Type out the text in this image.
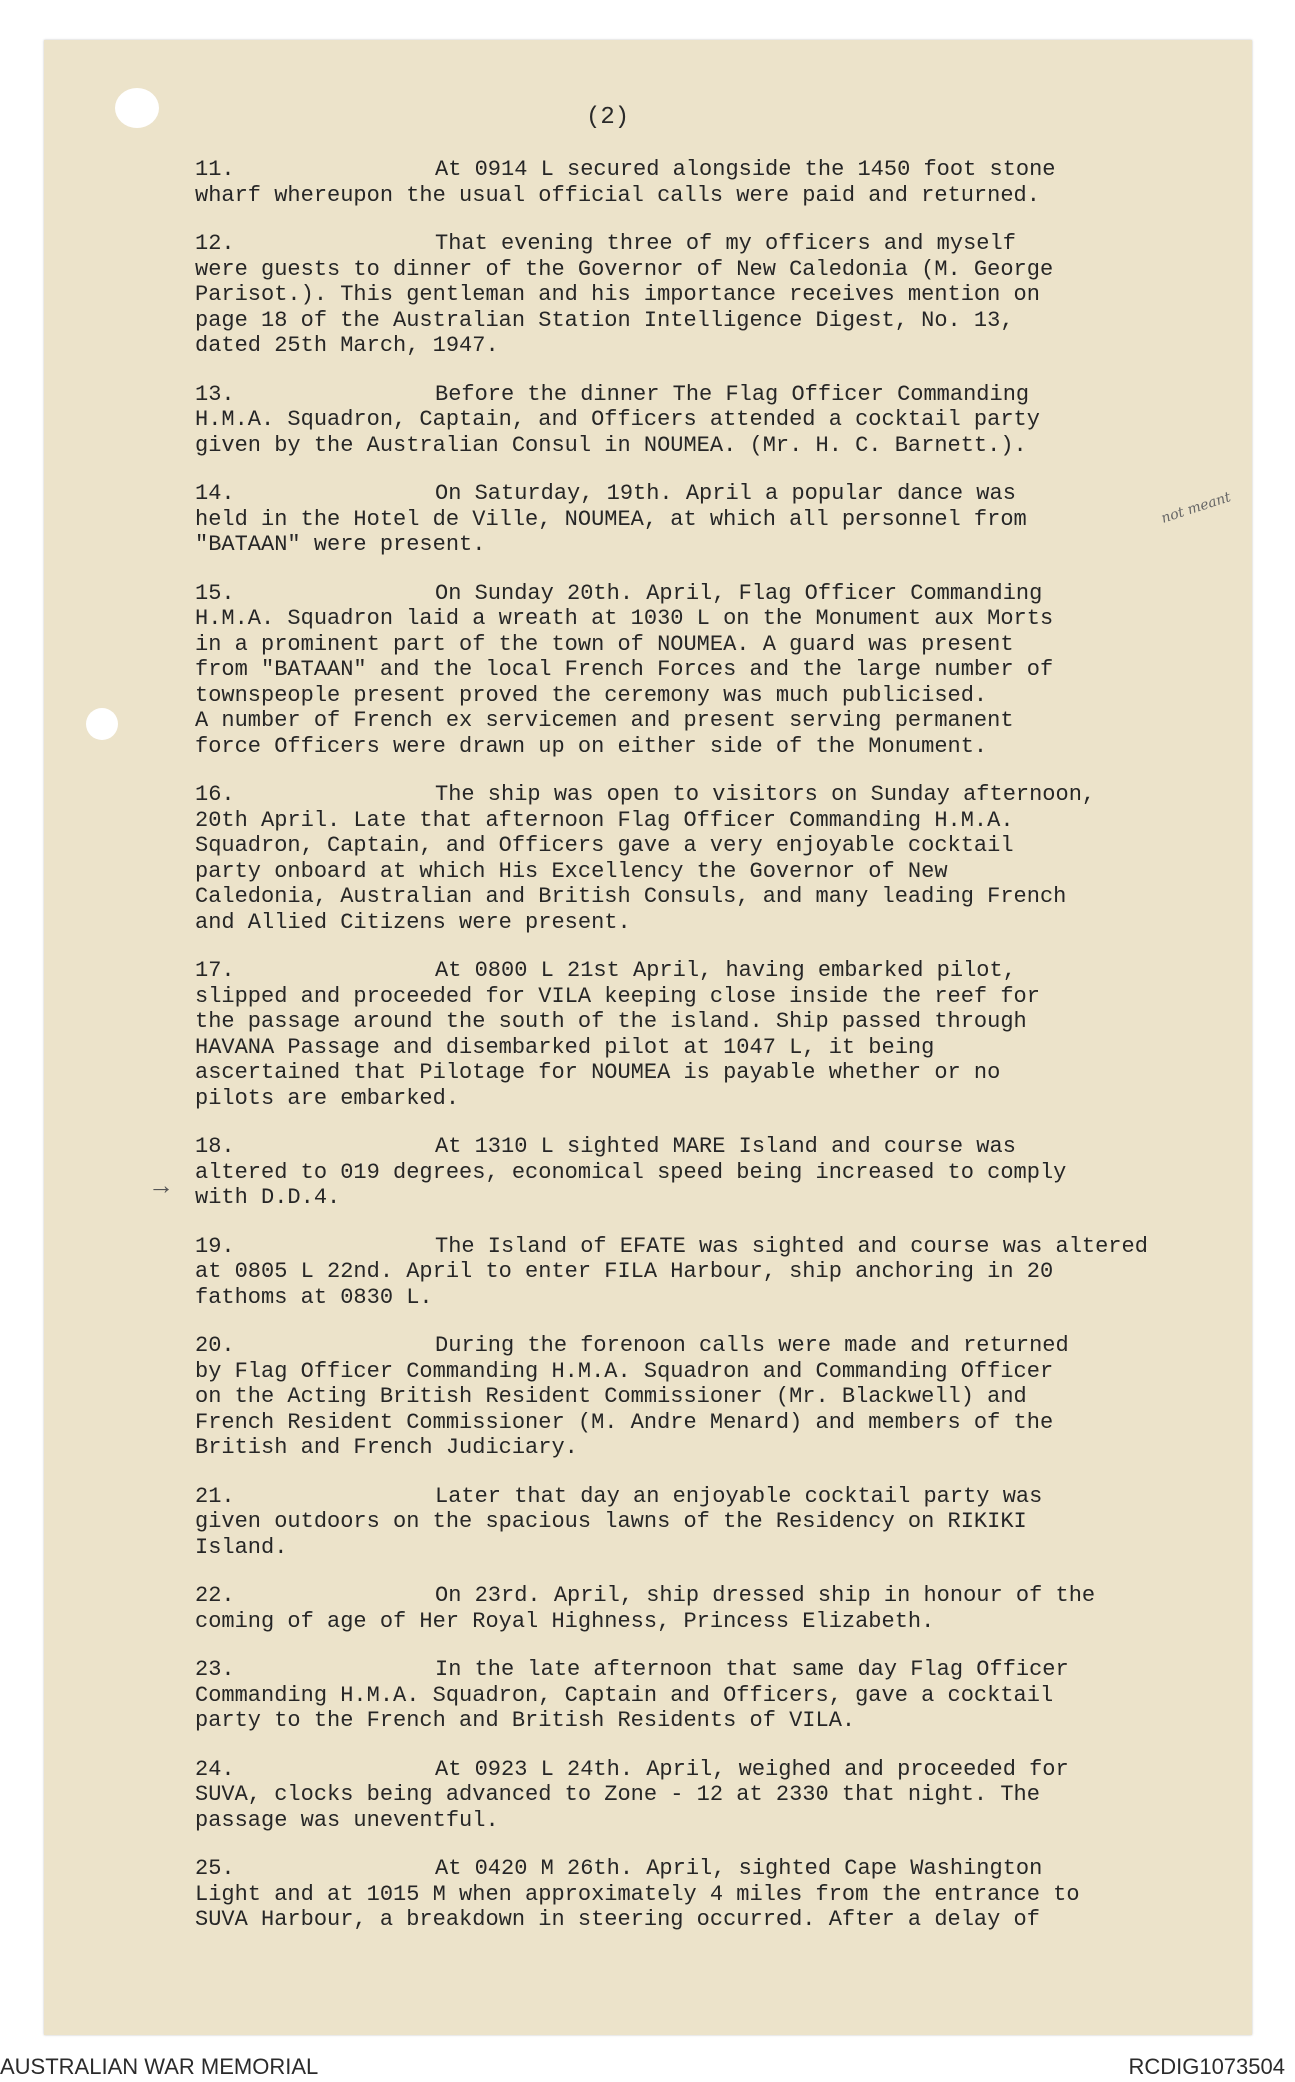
(2)
11.	At 0914 L secured alongside the 1450 foot stone
wharf whereupon the usual official calls were paid and returned.
12.	That evening three of my officers and myself
were guests to dinner of the Governor of New Caledonia (M. George
Parisot.). This gentleman and his importance receives mention on
page 18 of the Australian Station Intelligence Digest, No. 13,
dated 25th March, 1947.
13.	Before the dinner The Flag Officer Commanding
H.M.A. Squadron, Captain, and Officers attended a cocktail party
given by the Australian Consul in NOUMEA. (Mr. H. C. Barnett.).
14.	On Saturday, 19th. April a popular dance was
held in the Hotel de Ville, NOUMEA, at which all personnel from
"BATAAN" were present.
15.	On Sunday 20th. April, Flag Officer Commanding
H.M.A. Squadron laid a wreath at 1030 L on the Monument aux Morts
in a prominent part of the town of NOUMEA. A guard was present
from "BATAAN" and the local French Forces and the large number of
townspeople present proved the ceremony was much publicised.
A number of French ex servicemen and present serving permanent
force Officers were drawn up on either side of the Monument.
16.	The ship was open to visitors on Sunday afternoon,
20th April. Late that afternoon Flag Officer Commanding H.M.A.
Squadron, Captain, and Officers gave a very enjoyable cocktail
party onboard at which His Excellency the Governor of New
Caledonia, Australian and British Consuls, and many leading French
and Allied Citizens were present.
17.	At 0800 L 21st April, having embarked pilot,
slipped and proceeded for VILA keeping close inside the reef for
the passage around the south of the island. Ship passed through
HAVANA Passage and disembarked pilot at 1047 L, it being
ascertained that Pilotage for NOUMEA is payable whether or no
pilots are embarked.
18.	At 1310 L sighted MARE Island and course was
altered to 019 degrees, economical speed being increased to comply
with D.D.4.
19.	The Island of EFATE was sighted and course was altered
at 0805 L 22nd. April to enter FILA Harbour, ship anchoring in 20
fathoms at 0830 L.
20.	During the forenoon calls were made and returned
by Flag Officer Commanding H.M.A. Squadron and Commanding Officer
on the Acting British Resident Commissioner (Mr. Blackwell) and
French Resident Commissioner (M. Andre Menard) and members of the
British and French Judiciary.
21.	Later that day an enjoyable cocktail party was
given outdoors on the spacious lawns of the Residency on RIKIKI
Island.
22.	On 23rd. April, ship dressed ship in honour of the
coming of age of Her Royal Highness, Princess Elizabeth.
23.	In the late afternoon that same day Flag Officer
Commanding H.M.A. Squadron, Captain and Officers, gave a cocktail
party to the French and British Residents of VILA.
24.	At 0923 L 24th. April, weighed and proceeded for
SUVA, clocks being advanced to Zone - 12 at 2330 that night. The
passage was uneventful.
25.	At 0420 M 26th. April, sighted Cape Washington
Light and at 1015 M when approximately 4 miles from the entrance to
SUVA Harbour, a breakdown in steering occurred. After a delay of
not meant
→
AUSTRALIAN WAR MEMORIAL	RCDIG1073504
